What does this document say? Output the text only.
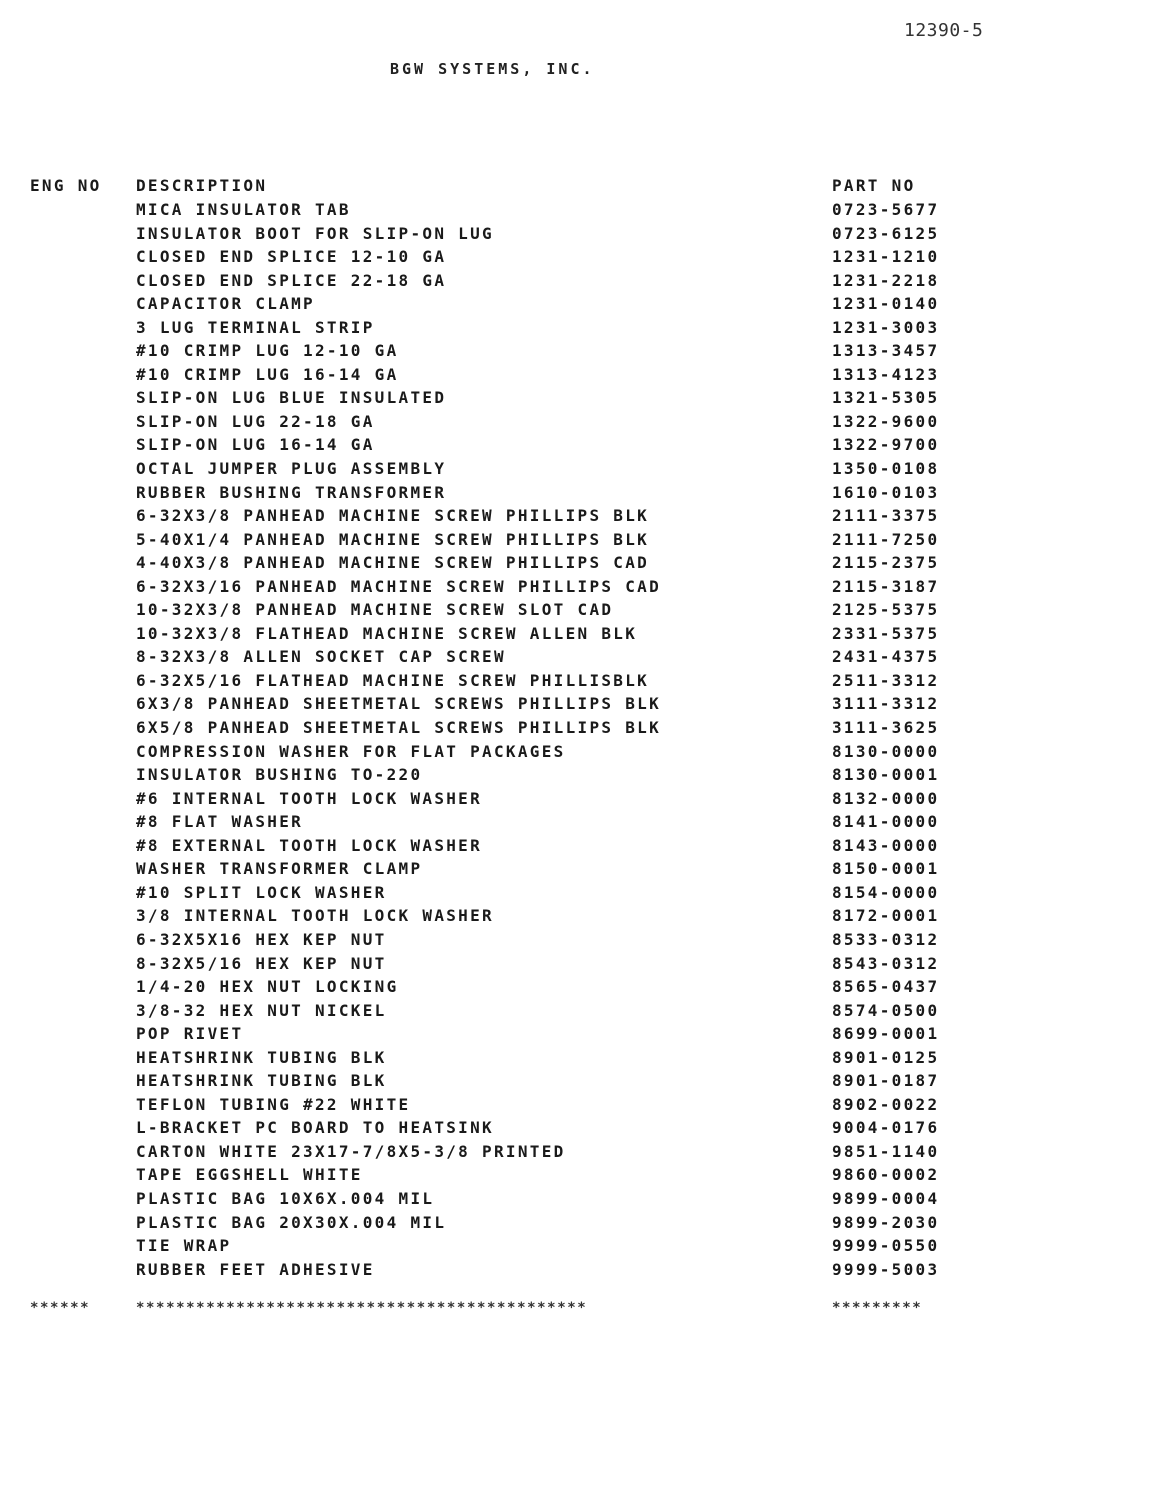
12390-5
BGW SYSTEMS, INC.
ENG NO DESCRIPTION	PART NO
MICA INSULATOR TAB	0723-5677
INSULATOR BOOT FOR SLIP-ON LUG	0723-6125
CLOSED END SPLICE 12-10 GA	1231-1210
CLOSED END SPLICE 22-18 GA	1231-2218
CAPACITOR CLAMP	1231-0140
3 LUG TERMINAL STRIP	1231-3003
#10 CRIMP LUG 12-10 GA	1313-3457
#10 CRIMP LUG 16-14 GA	1313-4123
SLIP-ON LUG BLUE INSULATED	1321-5305
SLIP-ON LUG 22-18 GA	1322-9600
SLIP-ON LUG 16-14 GA	1322-9700
OCTAL JUMPER PLUG ASSEMBLY	1350-0108
RUBBER BUSHING TRANSFORMER	1610-0103
6-32X3/8 PANHEAD MACHINE SCREW PHILLIPS BLK	2111-3375
5-40X1/4 PANHEAD MACHINE SCREW PHILLIPS BLK	2111-7250
4-40X3/8 PANHEAD MACHINE SCREW PHILLIPS CAD	2115-2375
6-32X3/16 PANHEAD MACHINE SCREW PHILLIPS CAD	2115-3187
10-32X3/8 PANHEAD MACHINE SCREW SLOT CAD	2125-5375
10-32X3/8 FLATHEAD MACHINE SCREW ALLEN BLK	2331-5375
8-32X3/8 ALLEN SOCKET CAP SCREW	2431-4375
6-32X5/16 FLATHEAD MACHINE SCREW PHILLISBLK	2511-3312
6X3/8 PANHEAD SHEETMETAL SCREWS PHILLIPS BLK	3111-3312
6X5/8 PANHEAD SHEETMETAL SCREWS PHILLIPS BLK	3111-3625
COMPRESSION WASHER FOR FLAT PACKAGES	8130-0000
INSULATOR BUSHING TO-220	8130-0001
#6 INTERNAL TOOTH LOCK WASHER	8132-0000
#8 FLAT WASHER	8141-0000
#8 EXTERNAL TOOTH LOCK WASHER	8143-0000
WASHER TRANSFORMER CLAMP	8150-0001
#10 SPLIT LOCK WASHER	8154-0000
3/8 INTERNAL TOOTH LOCK WASHER	8172-0001
6-32X5X16 HEX KEP NUT	8533-0312
8-32X5/16 HEX KEP NUT	8543-0312
1/4-20 HEX NUT LOCKING	8565-0437
3/8-32 HEX NUT NICKEL	8574-0500
POP RIVET	8699-0001
HEATSHRINK TUBING BLK	8901-0125
HEATSHRINK TUBING BLK	8901-0187
TEFLON TUBING #22 WHITE	8902-0022
L-BRACKET PC BOARD TO HEATSINK	9004-0176
CARTON WHITE 23X17-7/8X5-3/8 PRINTED	9851-1140
TAPE EGGSHELL WHITE	9860-0002
PLASTIC BAG 10X6X.004 MIL	9899-0004
PLASTIC BAG 20X30X.004 MIL	9899-2030
TIE WRAP	9999-0550
RUBBER FEET ADHESIVE	9999-5003
******	*********************************************	*********
